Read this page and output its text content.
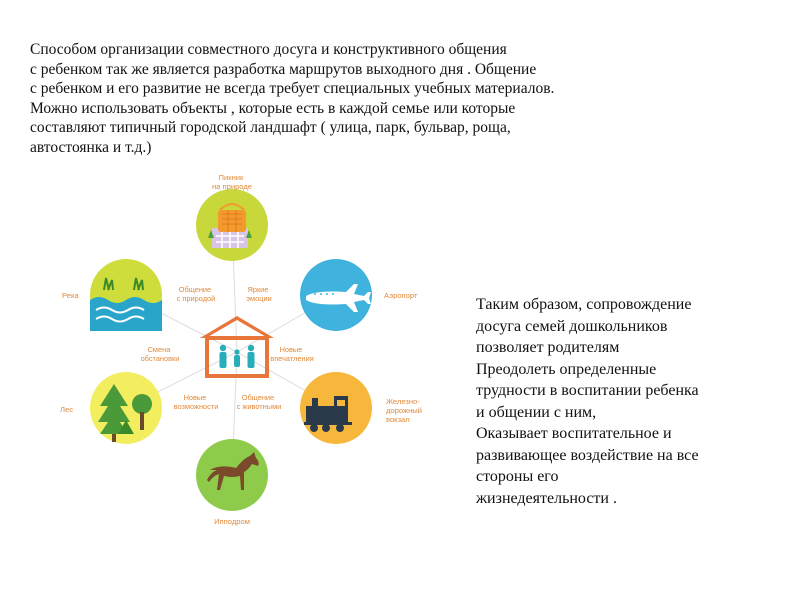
Способом организации совместного досуга и конструктивного общения
с ребенком так же является разработка маршрутов выходного дня . Общение
с ребенком и его развитие не всегда требует специальных учебных материалов.
Можно использовать объекты , которые есть в каждой семье или которые
составляют типичный городской ландшафт ( улица, парк, бульвар, роща,
автостоянка и т.д.)
Пикник на природе
Аэропорт
Железно- дорожный вокзал
Ипподром
Лес
Река
Общение с природой
Яркие эмоции
Новые впечатления
Общение с животными
Новые возможности
Смена обстановки
Таким образом, сопровождение
досуга семей дошкольников
позволяет родителям
Преодолеть определенные
трудности в воспитании ребенка
и общении с ним,
Оказывает воспитательное и
развивающее воздействие на все
стороны его
жизнедеятельности .
